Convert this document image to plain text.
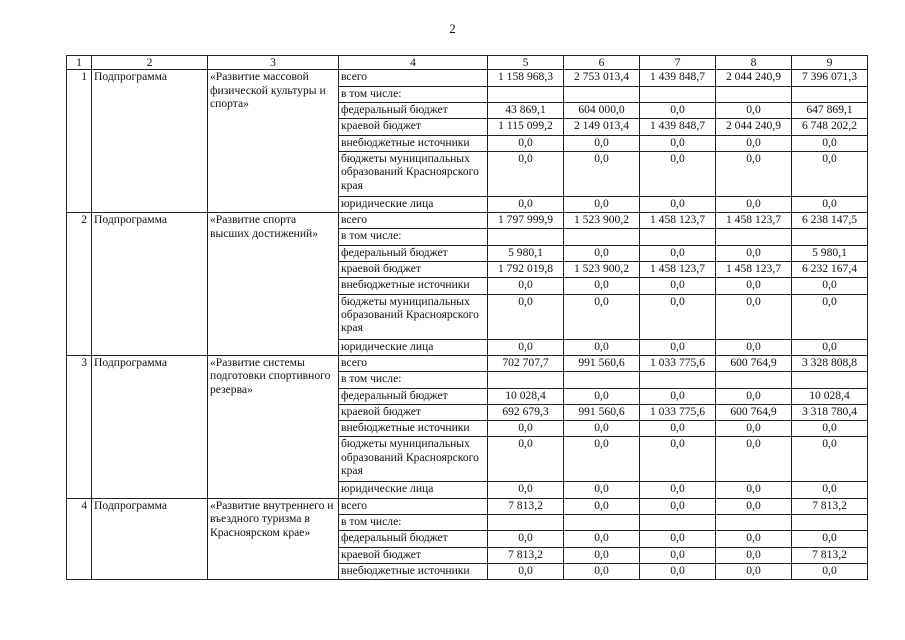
2
1	2	3	4	5	6	7	8	9
1	Подпрограмма	«Развитие массовой физической культуры и спорта»	всего	1 158 968,3	2 753 013,4	1 439 848,7	2 044 240,9	7 396 071,3
			в том числе:					
			федеральный бюджет	43 869,1	604 000,0	0,0	0,0	647 869,1
			краевой бюджет	1 115 099,2	2 149 013,4	1 439 848,7	2 044 240,9	6 748 202,2
			внебюджетные источники	0,0	0,0	0,0	0,0	0,0
			бюджеты муниципальных образований Красноярского края	0,0	0,0	0,0	0,0	0,0
			юридические лица	0,0	0,0	0,0	0,0	0,0
2	Подпрограмма	«Развитие спорта высших достижений»	всего	1 797 999,9	1 523 900,2	1 458 123,7	1 458 123,7	6 238 147,5
			в том числе:					
			федеральный бюджет	5 980,1	0,0	0,0	0,0	5 980,1
			краевой бюджет	1 792 019,8	1 523 900,2	1 458 123,7	1 458 123,7	6 232 167,4
			внебюджетные источники	0,0	0,0	0,0	0,0	0,0
			бюджеты муниципальных образований Красноярского края	0,0	0,0	0,0	0,0	0,0
			юридические лица	0,0	0,0	0,0	0,0	0,0
3	Подпрограмма	«Развитие системы подготовки спортивного резерва»	всего	702 707,7	991 560,6	1 033 775,6	600 764,9	3 328 808,8
			в том числе:					
			федеральный бюджет	10 028,4	0,0	0,0	0,0	10 028,4
			краевой бюджет	692 679,3	991 560,6	1 033 775,6	600 764,9	3 318 780,4
			внебюджетные источники	0,0	0,0	0,0	0,0	0,0
			бюджеты муниципальных образований Красноярского края	0,0	0,0	0,0	0,0	0,0
			юридические лица	0,0	0,0	0,0	0,0	0,0
4	Подпрограмма	«Развитие внутреннего и въездного туризма в Красноярском крае»	всего	7 813,2	0,0	0,0	0,0	7 813,2
			в том числе:					
			федеральный бюджет	0,0	0,0	0,0	0,0	0,0
			краевой бюджет	7 813,2	0,0	0,0	0,0	7 813,2
			внебюджетные источники	0,0	0,0	0,0	0,0	0,0
